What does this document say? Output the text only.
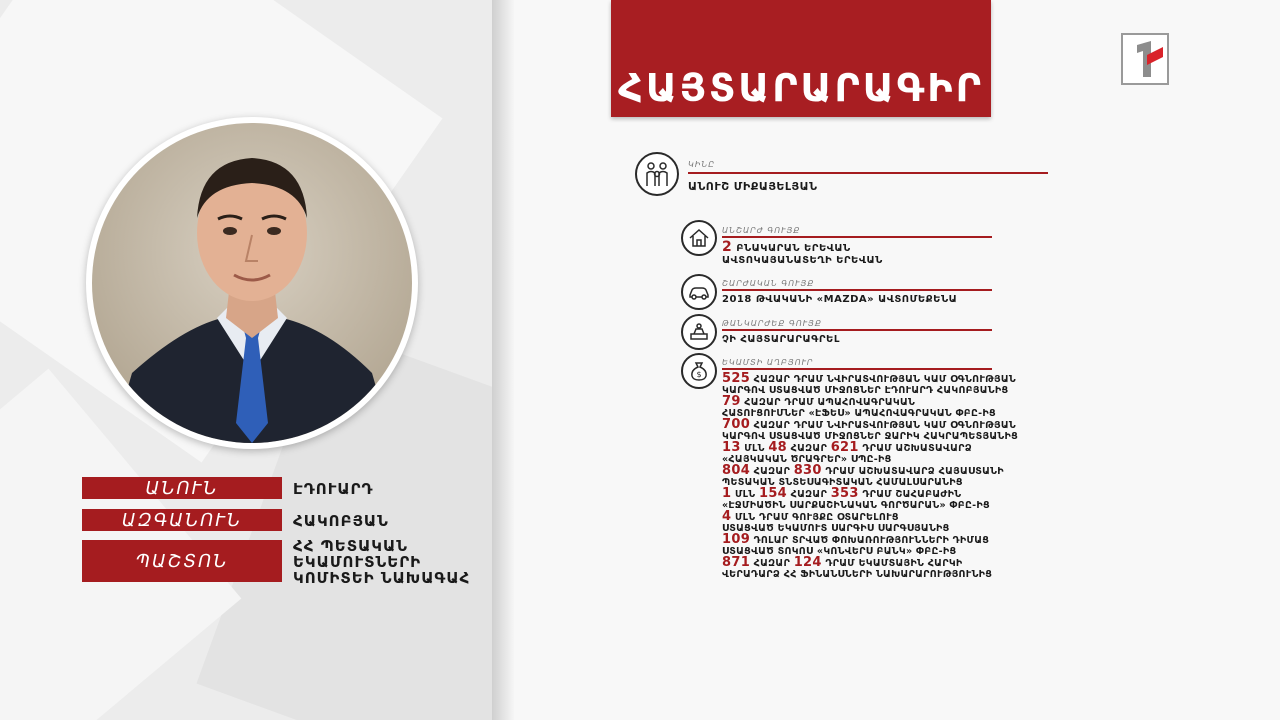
ԱՆՈՒՆ	ԷԴՈՒԱՐԴ
ԱԶԳԱՆՈՒՆ	ՀԱԿՈԲՅԱՆ
ՊԱՇՏՈՆ
ՀՀ ՊԵՏԱԿԱՆ
ԵԿԱՄՈՒՏՆԵՐԻ
ԿՈՄԻՏԵԻ ՆԱԽԱԳԱՀ
ՀԱՅՏԱՐԱՐԱԳԻՐ
ԿԻՆԸ
ԱՆՈՒՇ ՄԻՔԱՅԵԼՅԱՆ
ԱՆՇԱՐԺ ԳՈՒՅՔ
2 ԲՆԱԿԱՐԱՆ ԵՐԵՎԱՆ
ԱՎՏՈԿԱՅԱՆԱՏԵՂԻ ԵՐԵՎԱՆ
ՇԱՐԺԱԿԱՆ ԳՈՒՅՔ
2018 ԹՎԱԿԱՆԻ «MAZDA» ԱՎՏՈՄԵՔԵՆԱ
ԹԱՆԿԱՐԺԵՔ ԳՈՒՅՔ
ՉԻ ՀԱՅՏԱՐԱՐԱԳՐԵԼ
$
ԵԿԱՄՏԻ ԱՂԲՅՈՒՐ
525 ՀԱԶԱՐ ԴՐԱՄ ՆՎԻՐԱՏՎՈՒԹՅԱՆ ԿԱՄ ՕԳՆՈՒԹՅԱՆ
ԿԱՐԳՈՎ ՍՏԱՑՎԱԾ ՄԻՋՈՑՆԵՐ ԷԴՈՒԱՐԴ ՀԱԿՈԲՅԱՆԻՑ
79 ՀԱԶԱՐ ԴՐԱՄ ԱՊԱՀՈՎԱԳՐԱԿԱՆ
ՀԱՏՈՒՑՈՒՄՆԵՐ «ԷՖԵՍ» ԱՊԱՀՈՎԱԳՐԱԿԱՆ ՓԲԸ-ԻՑ
700 ՀԱԶԱՐ ԴՐԱՄ ՆՎԻՐԱՏՎՈՒԹՅԱՆ ԿԱՄ ՕԳՆՈՒԹՅԱՆ
ԿԱՐԳՈՎ ՍՏԱՑՎԱԾ ՄԻՋՈՑՆԵՐ ՋԱՐԻԿ ՀԱԿՐԱՊԵՏՅԱՆԻՑ
13 ՄԼՆ 48 ՀԱԶԱՐ 621 ԴՐԱՄ ԱՇԽԱՏԱՎԱՐՁ
«ՀԱՅԿԱԿԱՆ ԾՐԱԳՐԵՐ» ՍՊԸ-ԻՑ
804 ՀԱԶԱՐ 830 ԴՐԱՄ ԱՇԽԱՏԱՎԱՐՁ ՀԱՅԱՍՏԱՆԻ
ՊԵՏԱԿԱՆ ՏՆՏԵՍԱԳԻՏԱԿԱՆ ՀԱՄԱԼՍԱՐԱՆԻՑ
1 ՄԼՆ 154 ՀԱԶԱՐ 353 ԴՐԱՄ ՇԱՀԱԲԱԺԻՆ
«ԷՋՄԻԱԾԻՆ ՍԱՐՔԱՇԻՆԱԿԱՆ ԳՈՐԾԱՐԱՆ» ՓԲԸ-ԻՑ
4 ՄԼՆ ԴՐԱՄ ԳՈՒՅՔԸ ՕՏԱՐԵԼՈՒՑ
ՍՏԱՑՎԱԾ ԵԿԱՄՈՒՏ ՍԱՐԳԻՍ ՍԱՐԳՍՅԱՆԻՑ
109 ԴՈԼԱՐ ՏՐՎԱԾ ՓՈԽԱՌՈՒԹՅՈՒՆՆԵՐԻ ԴԻՄԱՑ
ՍՏԱՑՎԱԾ ՏՈԿՈՍ «ԿՈՆՎԵՐՍ ԲԱՆԿ» ՓԲԸ-ԻՑ
871 ՀԱԶԱՐ 124 ԴՐԱՄ ԵԿԱՄՏԱՅԻՆ ՀԱՐԿԻ
ՎԵՐԱԴԱՐՁ ՀՀ ՖԻՆԱՆՍՆԵՐԻ ՆԱԽԱՐԱՐՈՒԹՅՈՒՆԻՑ
